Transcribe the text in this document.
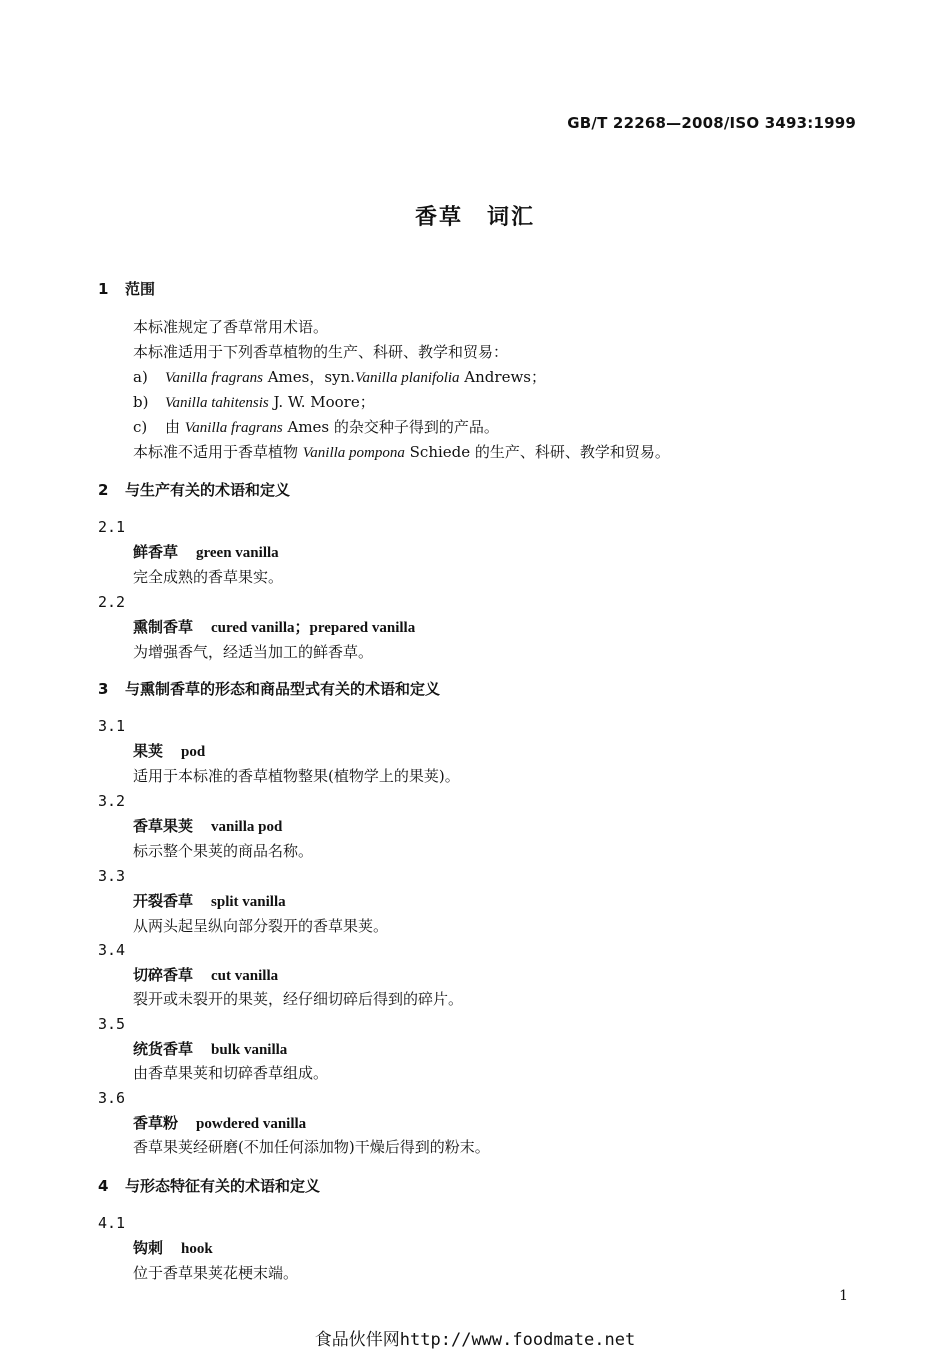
GB/T 22268—2008/ISO 3493:1999
香草　词汇
1 范围
本标准规定了香草常用术语。
本标准适用于下列香草植物的生产、科研、教学和贸易：
a) Vanilla fragrans Ames，syn.Vanilla planifolia Andrews；
b) Vanilla tahitensis J. W. Moore；
c) 由 Vanilla fragrans Ames 的杂交种子得到的产品。
本标准不适用于香草植物 Vanilla pompona Schiede 的生产、科研、教学和贸易。
2 与生产有关的术语和定义
2.1
鲜香草 green vanilla
完全成熟的香草果实。
2.2
熏制香草 cured vanilla；prepared vanilla
为增强香气，经适当加工的鲜香草。
3 与熏制香草的形态和商品型式有关的术语和定义
3.1
果荚 pod
适用于本标准的香草植物整果(植物学上的果荚)。
3.2
香草果荚 vanilla pod
标示整个果荚的商品名称。
3.3
开裂香草 split vanilla
从两头起呈纵向部分裂开的香草果荚。
3.4
切碎香草 cut vanilla
裂开或未裂开的果荚，经仔细切碎后得到的碎片。
3.5
统货香草 bulk vanilla
由香草果荚和切碎香草组成。
3.6
香草粉 powdered vanilla
香草果荚经研磨(不加任何添加物)干燥后得到的粉末。
4 与形态特征有关的术语和定义
4.1
钩刺 hook
位于香草果荚花梗末端。
1
食品伙伴网http://www.foodmate.net
